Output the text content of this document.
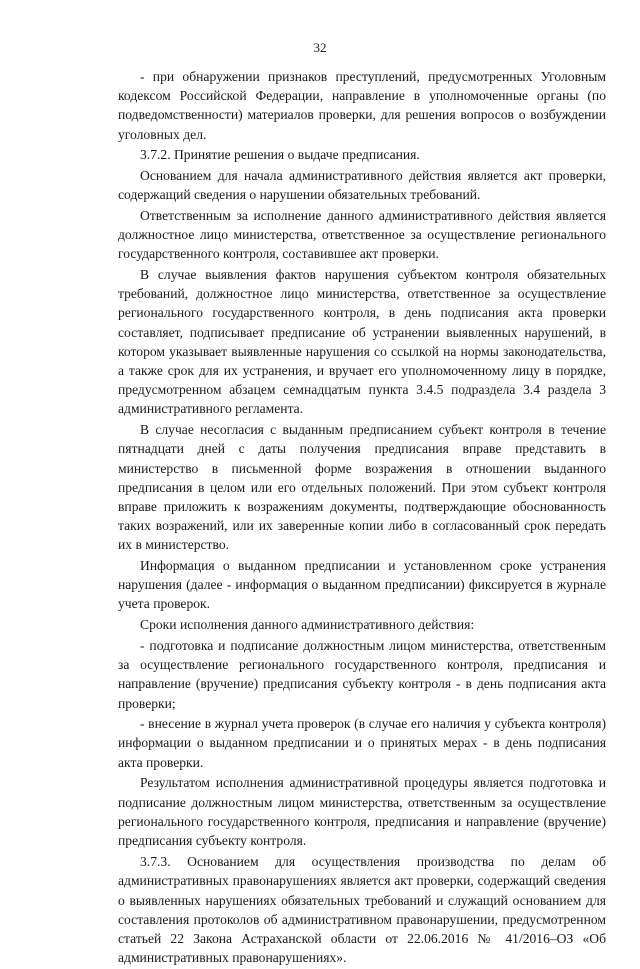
32

- при обнаружении признаков преступлений, предусмотренных Уголовным кодексом Российской Федерации, направление в уполномоченные органы (по подведомственности) материалов проверки, для решения вопросов о возбуждении уголовных дел.

3.7.2. Принятие решения о выдаче предписания.

Основанием для начала административного действия является акт проверки, содержащий сведения о нарушении обязательных требований.

Ответственным за исполнение данного административного действия является должностное лицо министерства, ответственное за осуществление регионального государственного контроля, составившее акт проверки.

В случае выявления фактов нарушения субъектом контроля обязательных требований, должностное лицо министерства, ответственное за осуществление регионального государственного контроля, в день подписания акта проверки составляет, подписывает предписание об устранении выявленных нарушений, в котором указывает выявленные нарушения со ссылкой на нормы законодательства, а также срок для их устранения, и вручает его уполномоченному лицу в порядке, предусмотренном абзацем семнадцатым пункта 3.4.5 подраздела 3.4 раздела 3 административного регламента.

В случае несогласия с выданным предписанием субъект контроля в течение пятнадцати дней с даты получения предписания вправе представить в министерство в письменной форме возражения в отношении выданного предписания в целом или его отдельных положений. При этом субъект контроля вправе приложить к возражениям документы, подтверждающие обоснованность таких возражений, или их заверенные копии либо в согласованный срок передать их в министерство.

Информация о выданном предписании и установленном сроке устранения нарушения (далее - информация о выданном предписании) фиксируется в журнале учета проверок.

Сроки исполнения данного административного действия:

- подготовка и подписание должностным лицом министерства, ответственным за осуществление регионального государственного контроля, предписания и направление (вручение) предписания субъекту контроля - в день подписания акта проверки;

- внесение в журнал учета проверок (в случае его наличия у субъекта контроля) информации о выданном предписании и о принятых мерах - в день подписания акта проверки.

Результатом исполнения административной процедуры является подготовка и подписание должностным лицом министерства, ответственным за осуществление регионального государственного контроля, предписания и направление (вручение) предписания субъекту контроля.

3.7.3. Основанием для осуществления производства по делам об административных правонарушениях является акт проверки, содержащий сведения о выявленных нарушениях обязательных требований и служащий основанием для составления протоколов об административном правонарушении, предусмотренном статьей 22 Закона Астраханской области от 22.06.2016 № 41/2016–ОЗ «Об административных правонарушениях».
